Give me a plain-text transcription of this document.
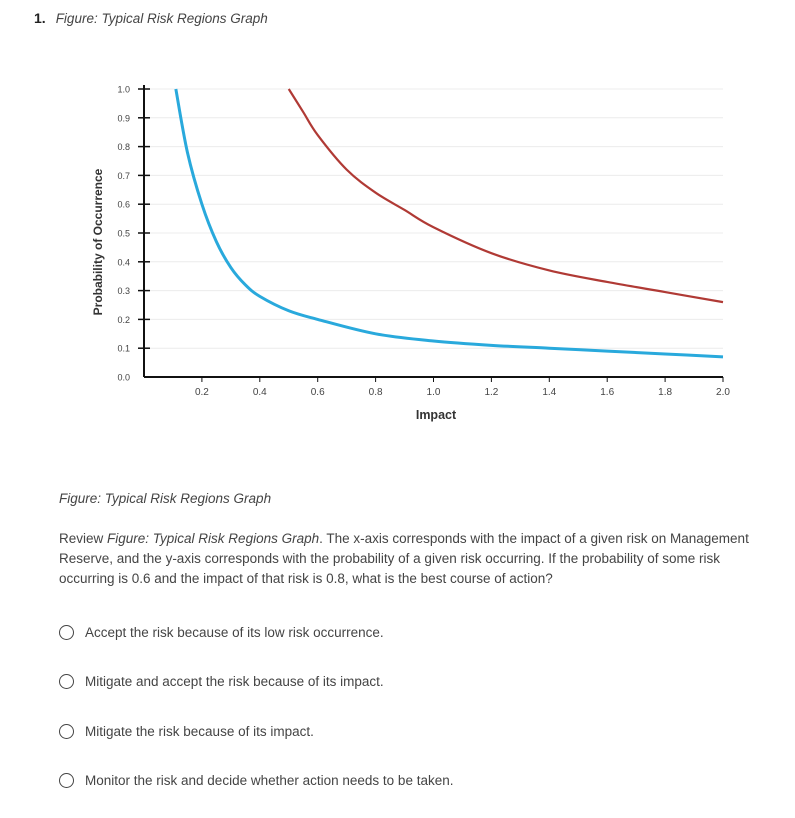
1. Figure: Typical Risk Regions Graph
0.0
0.1
0.2
0.3
0.4
0.5
0.6
0.7
0.8
0.9
1.0
0.2	0.4	0.6	0.8	1.0	1.2	1.4	1.6	1.8	2.0
Impact
Probability of Occurrence
Figure: Typical Risk Regions Graph
Review Figure: Typical Risk Regions Graph. The x-axis corresponds with the impact of a given risk on Management Reserve, and the y-axis corresponds with the probability of a given risk occurring. If the probability of some risk occurring is 0.6 and the impact of that risk is 0.8, what is the best course of action?
Accept the risk because of its low risk occurrence.
Mitigate and accept the risk because of its impact.
Mitigate the risk because of its impact.
Monitor the risk and decide whether action needs to be taken.
